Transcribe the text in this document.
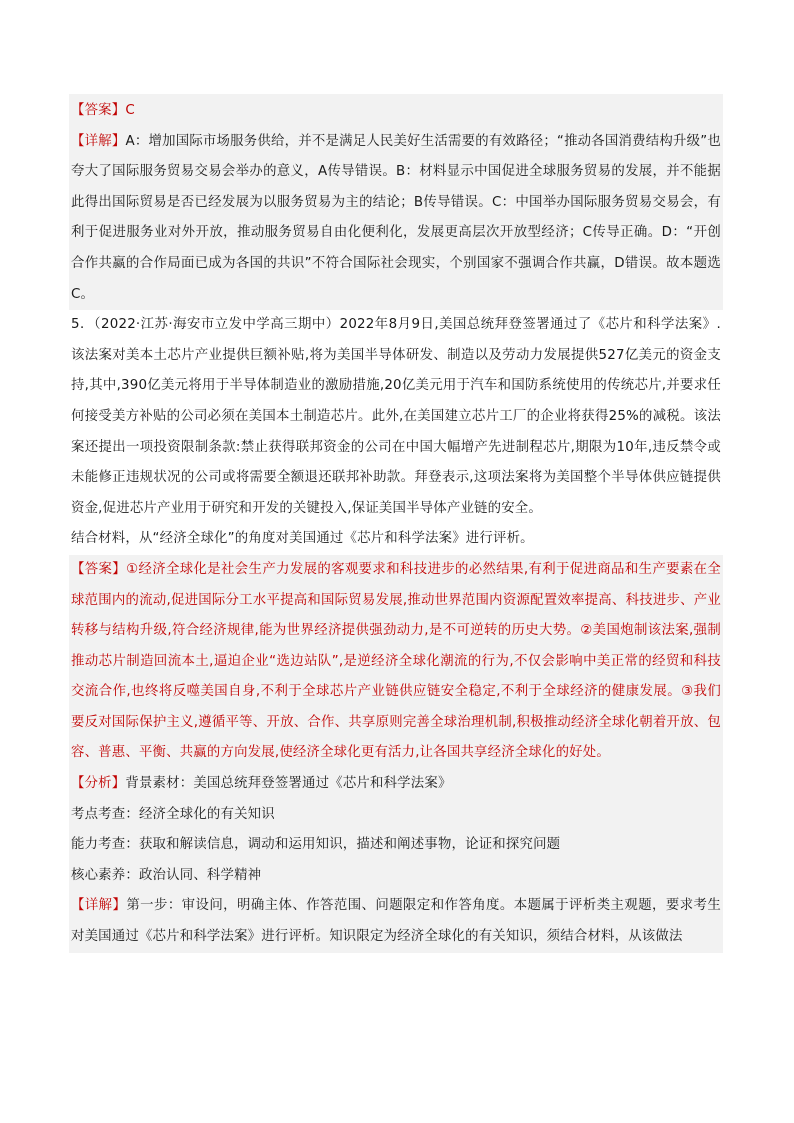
【答案】C
【详解】A：增加国际市场服务供给，并不是满足人民美好生活需要的有效路径；“推动各国消费结构升级”也夸大了国际服务贸易交易会举办的意义，A传导错误。B：材料显示中国促进全球服务贸易的发展，并不能据此得出国际贸易是否已经发展为以服务贸易为主的结论；B传导错误。C：中国举办国际服务贸易交易会，有利于促进服务业对外开放，推动服务贸易自由化便利化，发展更高层次开放型经济；C传导正确。D：“开创合作共赢的合作局面已成为各国的共识”不符合国际社会现实，个别国家不强调合作共赢，D错误。故本题选C。
5．（2022·江苏·海安市立发中学高三期中）2022年8月9日,美国总统拜登签署通过了《芯片和科学法案》.该法案对美本土芯片产业提供巨额补贴,将为美国半导体研发、制造以及劳动力发展提供527亿美元的资金支持,其中,390亿美元将用于半导体制造业的激励措施,20亿美元用于汽车和国防系统使用的传统芯片,并要求任何接受美方补贴的公司必须在美国本土制造芯片。此外,在美国建立芯片工厂的企业将获得25%的减税。该法案还提出一项投资限制条款:禁止获得联邦资金的公司在中国大幅增产先进制程芯片,期限为10年,违反禁令或未能修正违规状况的公司或将需要全额退还联邦补助款。拜登表示,这项法案将为美国整个半导体供应链提供资金,促进芯片产业用于研究和开发的关键投入,保证美国半导体产业链的安全。
结合材料，从“经济全球化”的角度对美国通过《芯片和科学法案》进行评析。
【答案】①经济全球化是社会生产力发展的客观要求和科技进步的必然结果,有利于促进商品和生产要素在全球范围内的流动,促进国际分工水平提高和国际贸易发展,推动世界范围内资源配置效率提高、科技进步、产业转移与结构升级,符合经济规律,能为世界经济提供强劲动力,是不可逆转的历史大势。②美国炮制该法案,强制推动芯片制造回流本土,逼迫企业“选边站队”,是逆经济全球化潮流的行为,不仅会影响中美正常的经贸和科技交流合作,也终将反噬美国自身,不利于全球芯片产业链供应链安全稳定,不利于全球经济的健康发展。③我们要反对国际保护主义,遵循平等、开放、合作、共享原则完善全球治理机制,积极推动经济全球化朝着开放、包容、普惠、平衡、共赢的方向发展,使经济全球化更有活力,让各国共享经济全球化的好处。
【分析】背景素材：美国总统拜登签署通过《芯片和科学法案》
考点考查：经济全球化的有关知识
能力考查：获取和解读信息，调动和运用知识，描述和阐述事物，论证和探究问题
核心素养：政治认同、科学精神
【详解】第一步：审设问，明确主体、作答范围、问题限定和作答角度。本题属于评析类主观题，要求考生对美国通过《芯片和科学法案》进行评析。知识限定为经济全球化的有关知识，须结合材料，从该做法
